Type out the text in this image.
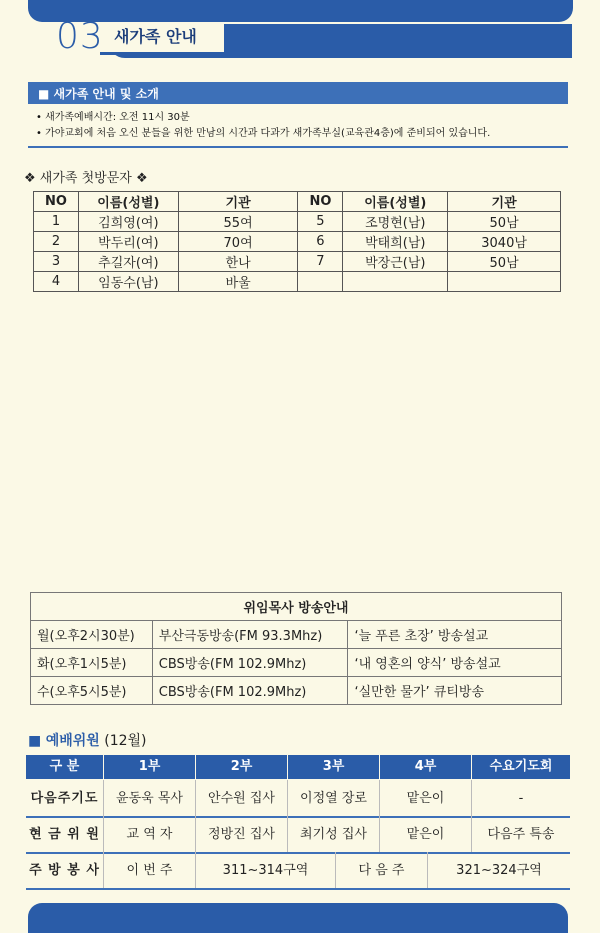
03 새가족 안내
■ 새가족 안내 및 소개
• 새가족예배시간: 오전 11시 30분
• 가야교회에 처음 오신 분들을 위한 만남의 시간과 다과가 새가족부실(교육관4층)에 준비되어 있습니다.
❖ 새가족 첫방문자 ❖
NO	이름(성별)	기관	NO	이름(성별)	기관
1	김희영(여)	55여	5	조명현(남)	50남
2	박두리(여)	70여	6	박태희(남)	3040남
3	추길자(여)	한나	7	박장근(남)	50남
4	임동수(남)	바울			
위임목사 방송안내		
월(오후2시30분)	부산극동방송(FM 93.3Mhz)	‘늘 푸른 초장’ 방송설교
화(오후1시5분)	CBS방송(FM 102.9Mhz)	‘내 영혼의 양식’ 방송설교
수(오후5시5분)	CBS방송(FM 102.9Mhz)	‘실만한 물가’ 큐티방송
■ 예배위원 (12월)
구 분	1부	2부	3부	4부	수요기도회
다음주기도	윤동욱 목사	안수원 집사	이정열 장로	맡은이	-
현 금 위 원	교 역 자	정방진 집사	최기성 집사	맡은이	다음주 특송
주 방 봉 사	이 번 주	311~314구역	다 음 주	321~324구역
